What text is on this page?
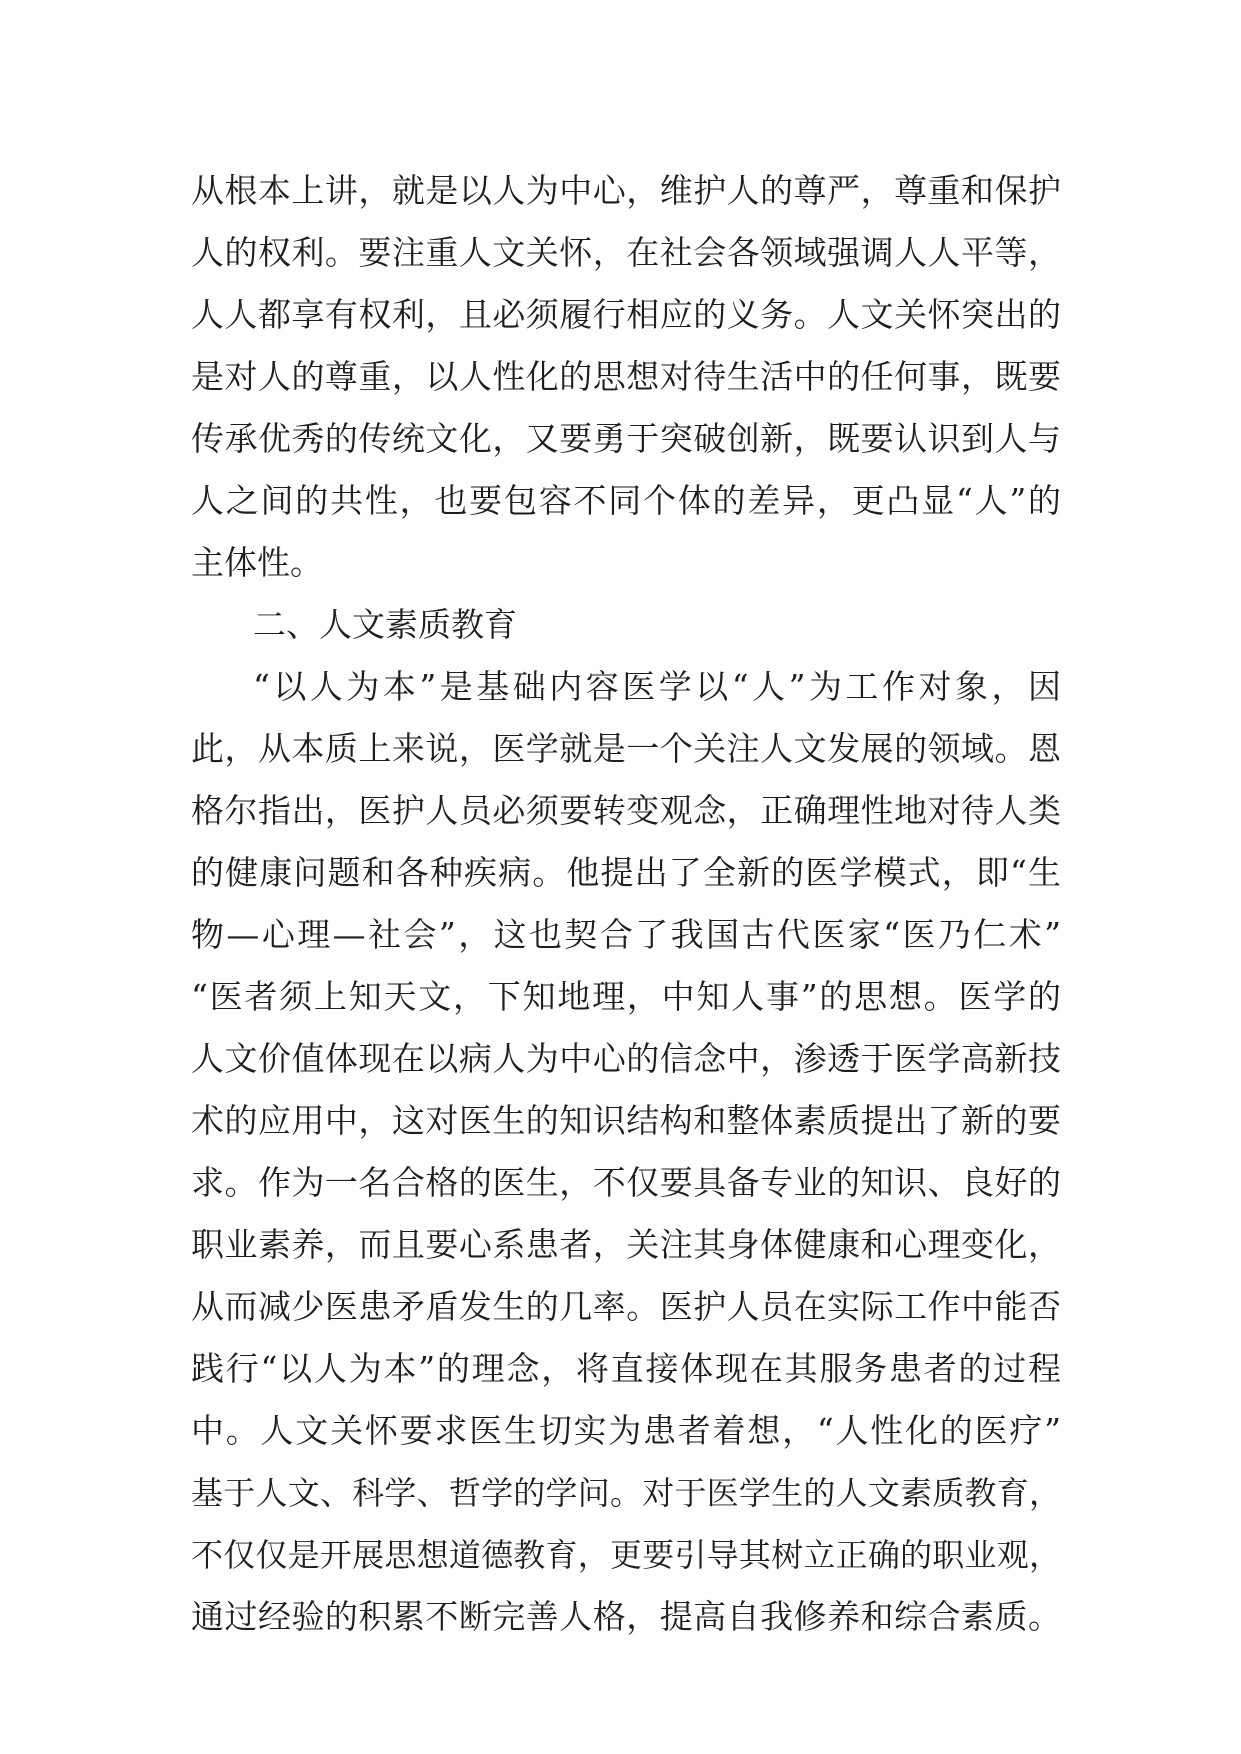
从根本上讲，就是以人为中心，维护人的尊严，尊重和保护
人的权利。要注重人文关怀，在社会各领域强调人人平等，
人人都享有权利，且必须履行相应的义务。人文关怀突出的
是对人的尊重，以人性化的思想对待生活中的任何事，既要
传承优秀的传统文化，又要勇于突破创新，既要认识到人与
人之间的共性，也要包容不同个体的差异，更凸显“人”的
主体性。
二、人文素质教育
“以人为本”是基础内容医学以“人”为工作对象，因
此，从本质上来说，医学就是一个关注人文发展的领域。恩
格尔指出，医护人员必须要转变观念，正确理性地对待人类
的健康问题和各种疾病。他提出了全新的医学模式，即“生
物—心理—社会”，这也契合了我国古代医家“医乃仁术”
“医者须上知天文，下知地理，中知人事”的思想。医学的
人文价值体现在以病人为中心的信念中，渗透于医学高新技
术的应用中，这对医生的知识结构和整体素质提出了新的要
求。作为一名合格的医生，不仅要具备专业的知识、良好的
职业素养，而且要心系患者，关注其身体健康和心理变化，
从而减少医患矛盾发生的几率。医护人员在实际工作中能否
践行“以人为本”的理念，将直接体现在其服务患者的过程
中。人文关怀要求医生切实为患者着想，“人性化的医疗”
基于人文、科学、哲学的学问。对于医学生的人文素质教育，
不仅仅是开展思想道德教育，更要引导其树立正确的职业观，
通过经验的积累不断完善人格，提高自我修养和综合素质。
